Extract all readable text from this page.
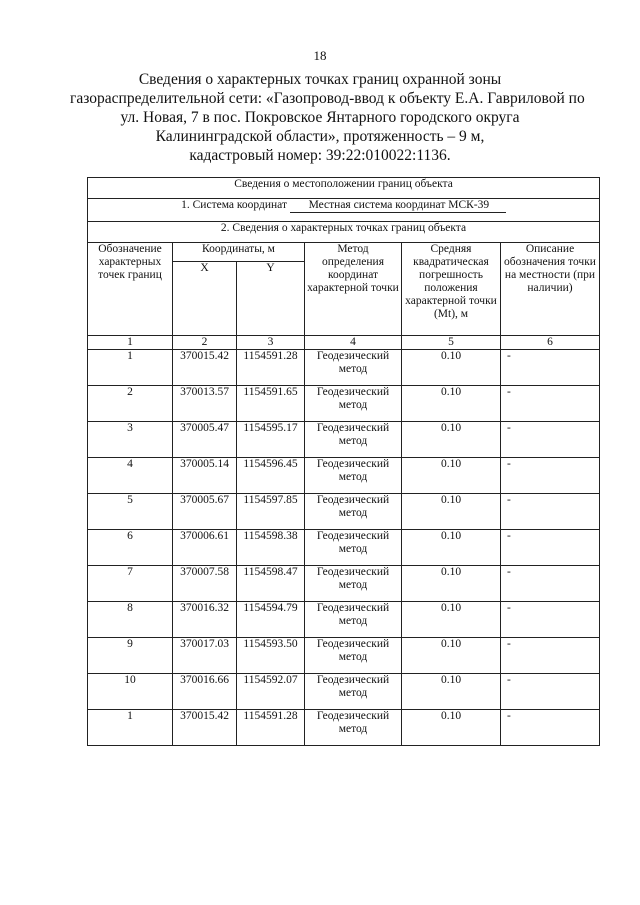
18
Сведения о характерных точках границ охранной зоны
газораспределительной сети: «Газопровод-ввод к объекту Е.А. Гавриловой по
ул. Новая, 7 в пос. Покровское Янтарного городского округа
Калининградской области», протяженность – 9 м,
кадастровый номер: 39:22:010022:1136.
Сведения о местоположении границ объекта					
1. Система координат Местная система координат МСК-39					
2. Сведения о характерных точках границ объекта					
Обозначение характерных точек границ	Координаты, м		Метод определения координат характерной точки	Средняя квадратическая погрешность положения характерной точки (Mt), м	Описание обозначения точки на местности (при наличии)
	X	Y			
1	2	3	4	5	6
1	370015.42	1154591.28	Геодезический метод	0.10	-
2	370013.57	1154591.65	Геодезический метод	0.10	-
3	370005.47	1154595.17	Геодезический метод	0.10	-
4	370005.14	1154596.45	Геодезический метод	0.10	-
5	370005.67	1154597.85	Геодезический метод	0.10	-
6	370006.61	1154598.38	Геодезический метод	0.10	-
7	370007.58	1154598.47	Геодезический метод	0.10	-
8	370016.32	1154594.79	Геодезический метод	0.10	-
9	370017.03	1154593.50	Геодезический метод	0.10	-
10	370016.66	1154592.07	Геодезический метод	0.10	-
1	370015.42	1154591.28	Геодезический метод	0.10	-
